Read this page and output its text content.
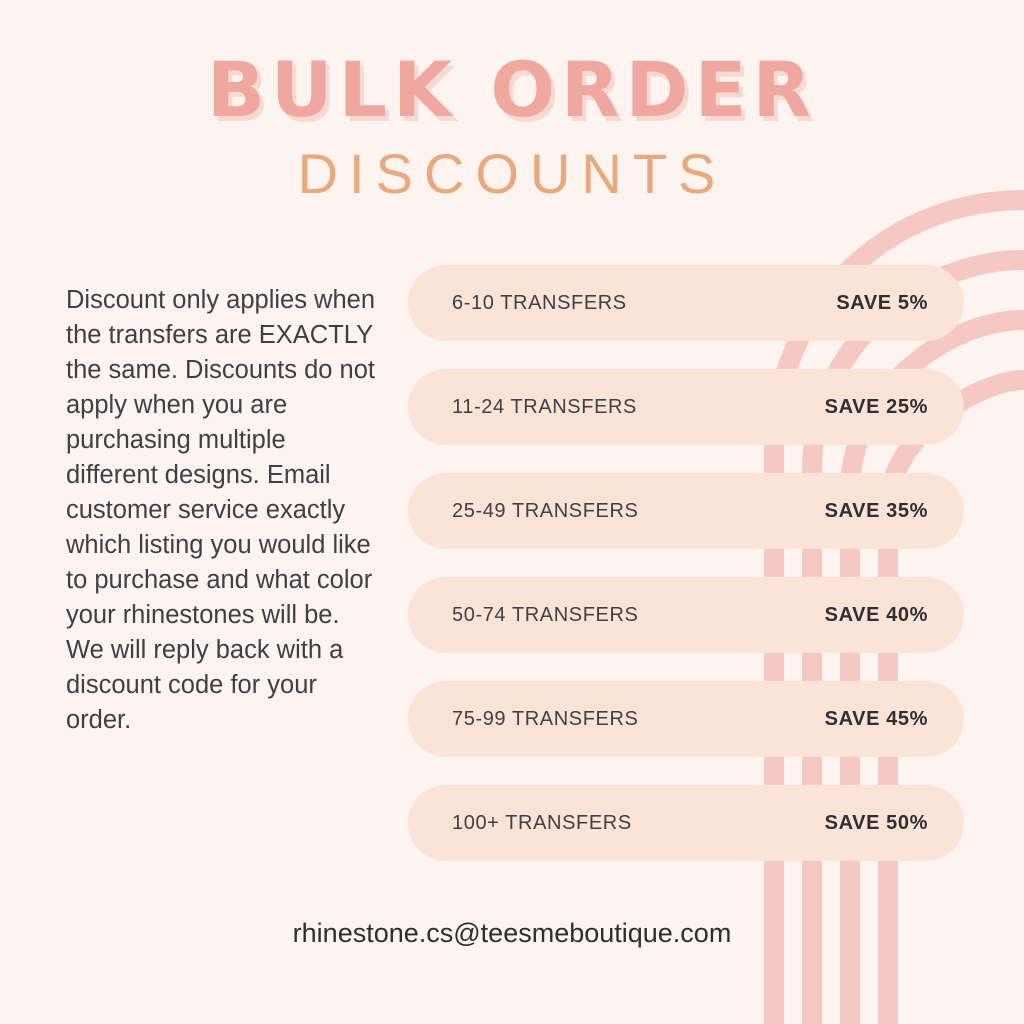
BULK ORDER
DISCOUNTS
Discount only applies when the transfers are EXACTLY the same. Discounts do not apply when you are purchasing multiple different designs. Email customer service exactly which listing you would like to purchase and what color your rhinestones will be. We will reply back with a discount code for your order.
6-10 TRANSFERS	SAVE 5%
11-24 TRANSFERS	SAVE 25%
25-49 TRANSFERS	SAVE 35%
50-74 TRANSFERS	SAVE 40%
75-99 TRANSFERS	SAVE 45%
100+ TRANSFERS	SAVE 50%
rhinestone.cs@teesmeboutique.com
